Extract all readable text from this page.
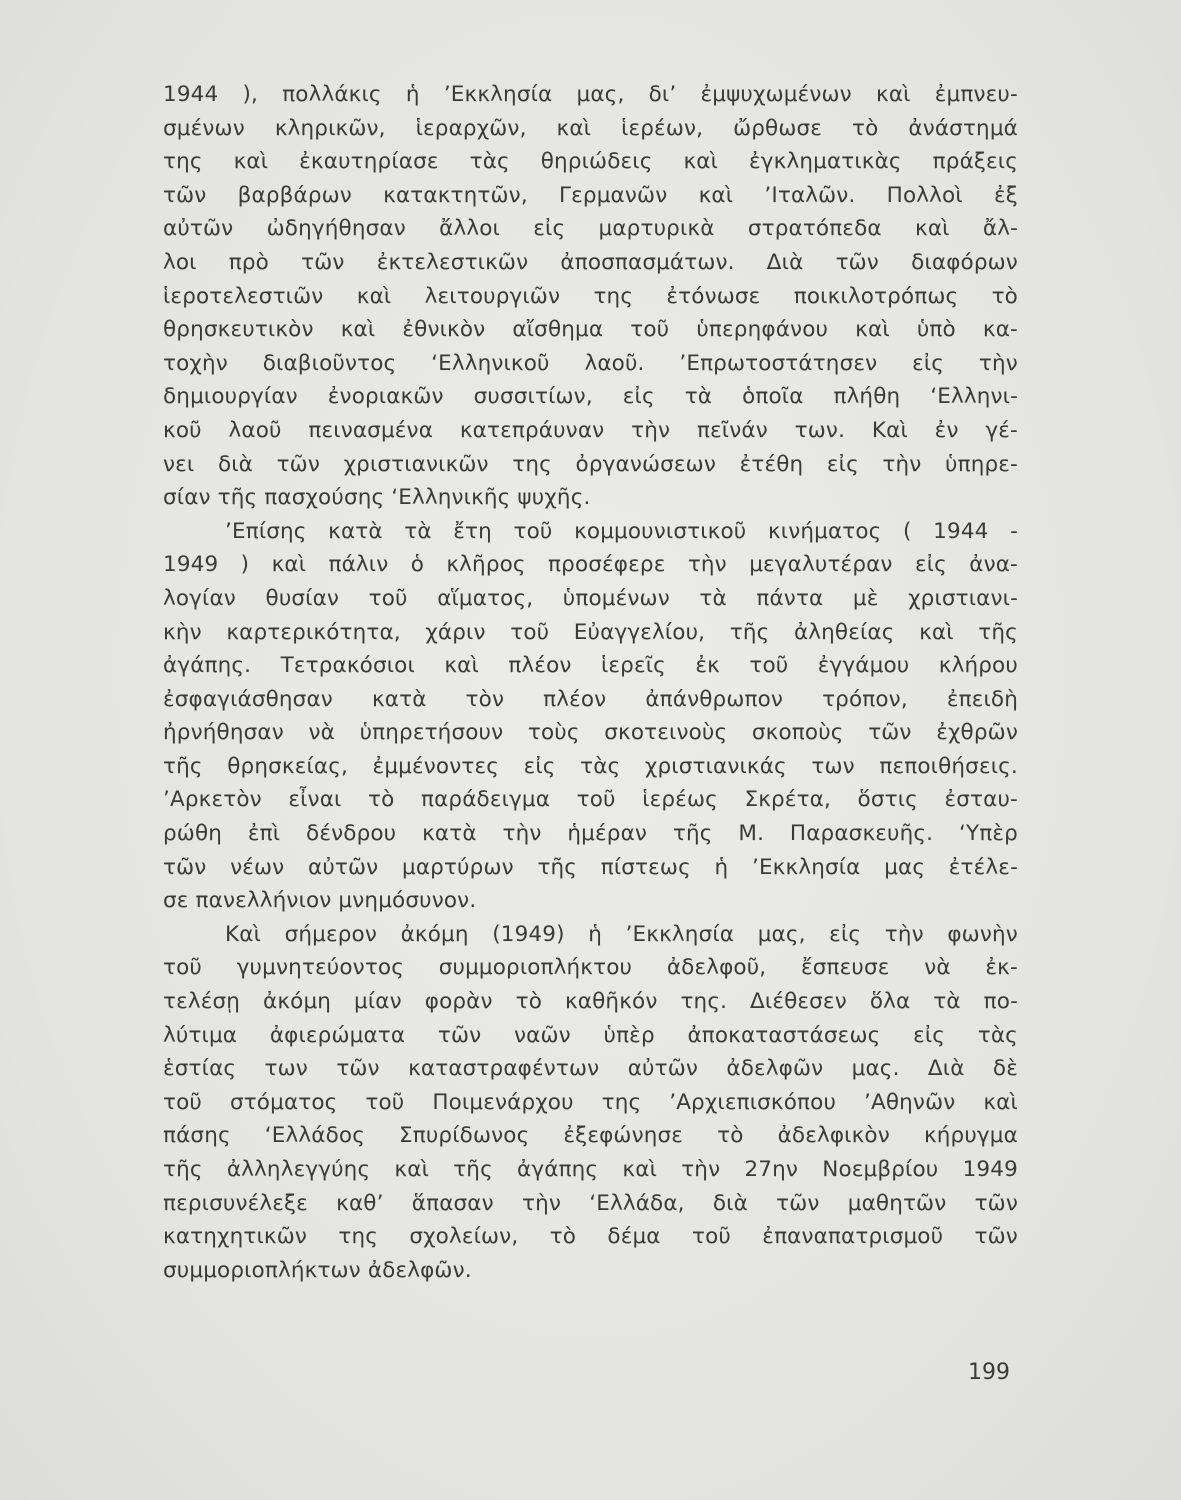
1944 ), πολλάκις ἡ ’Εκκλησία μας, δι’ ἐμψυχωμένων καὶ ἐμπνευ-
σμένων κληρικῶν, ἱεραρχῶν, καὶ ἱερέων, ὤρθωσε τὸ ἀνάστημά
της καὶ ἐκαυτηρίασε τὰς θηριώδεις καὶ ἐγκληματικὰς πράξεις
τῶν βαρβάρων κατακτητῶν, Γερμανῶν καὶ ’Ιταλῶν. Πολλοὶ ἐξ
αὐτῶν ὠδηγήθησαν ἄλλοι εἰς μαρτυρικὰ στρατόπεδα καὶ ἄλ-
λοι πρὸ τῶν ἐκτελεστικῶν ἀποσπασμάτων. Διὰ τῶν διαφόρων
ἱεροτελεστιῶν καὶ λειτουργιῶν της ἐτόνωσε ποικιλοτρόπως τὸ
θρησκευτικὸν καὶ ἐθνικὸν αἴσθημα τοῦ ὑπερηφάνου καὶ ὑπὸ κα-
τοχὴν διαβιοῦντος ‘Ελληνικοῦ λαοῦ. ’Επρωτοστάτησεν εἰς τὴν
δημιουργίαν ἐνοριακῶν συσσιτίων, εἰς τὰ ὁποῖα πλήθη ‘Ελληνι-
κοῦ λαοῦ πεινασμένα κατεπράυναν τὴν πεῖνάν των. Καὶ ἐν γέ-
νει διὰ τῶν χριστιανικῶν της ὀργανώσεων ἐτέθη εἰς τὴν ὑπηρε-
σίαν τῆς πασχούσης ‘Ελληνικῆς ψυχῆς.
’Επίσης κατὰ τὰ ἔτη τοῦ κομμουνιστικοῦ κινήματος ( 1944 -
1949 ) καὶ πάλιν ὁ κλῆρος προσέφερε τὴν μεγαλυτέραν εἰς ἀνα-
λογίαν θυσίαν τοῦ αἵματος, ὑπομένων τὰ πάντα μὲ χριστιανι-
κὴν καρτερικότητα, χάριν τοῦ Εὐαγγελίου, τῆς ἀληθείας καὶ τῆς
ἀγάπης. Τετρακόσιοι καὶ πλέον ἱερεῖς ἐκ τοῦ ἐγγάμου κλήρου
ἐσφαγιάσθησαν κατὰ τὸν πλέον ἀπάνθρωπον τρόπον, ἐπειδὴ
ἠρνήθησαν νὰ ὑπηρετήσουν τοὺς σκοτεινοὺς σκοποὺς τῶν ἐχθρῶν
τῆς θρησκείας, ἐμμένοντες εἰς τὰς χριστιανικάς των πεποιθήσεις.
’Αρκετὸν εἶναι τὸ παράδειγμα τοῦ ἱερέως Σκρέτα, ὅστις ἐσταυ-
ρώθη ἐπὶ δένδρου κατὰ τὴν ἡμέραν τῆς Μ. Παρασκευῆς. ‘Υπὲρ
τῶν νέων αὐτῶν μαρτύρων τῆς πίστεως ἡ ’Εκκλησία μας ἐτέλε-
σε πανελλήνιον μνημόσυνον.
Καὶ σήμερον ἀκόμη (1949) ἡ ’Εκκλησία μας, εἰς τὴν φωνὴν
τοῦ γυμνητεύοντος συμμοριοπλήκτου ἀδελφοῦ, ἔσπευσε νὰ ἐκ-
τελέσῃ ἀκόμη μίαν φορὰν τὸ καθῆκόν της. Διέθεσεν ὅλα τὰ πο-
λύτιμα ἀφιερώματα τῶν ναῶν ὑπὲρ ἀποκαταστάσεως εἰς τὰς
ἑστίας των τῶν καταστραφέντων αὐτῶν ἀδελφῶν μας. Διὰ δὲ
τοῦ στόματος τοῦ Ποιμενάρχου της ’Αρχιεπισκόπου ’Αθηνῶν καὶ
πάσης ‘Ελλάδος Σπυρίδωνος ἐξεφώνησε τὸ ἀδελφικὸν κήρυγμα
τῆς ἀλληλεγγύης καὶ τῆς ἀγάπης καὶ τὴν 27ην Νοεμβρίου 1949
περισυνέλεξε καθ’ ἅπασαν τὴν ‘Ελλάδα, διὰ τῶν μαθητῶν τῶν
κατηχητικῶν της σχολείων, τὸ δέμα τοῦ ἐπαναπατρισμοῦ τῶν
συμμοριοπλήκτων ἀδελφῶν.
199
